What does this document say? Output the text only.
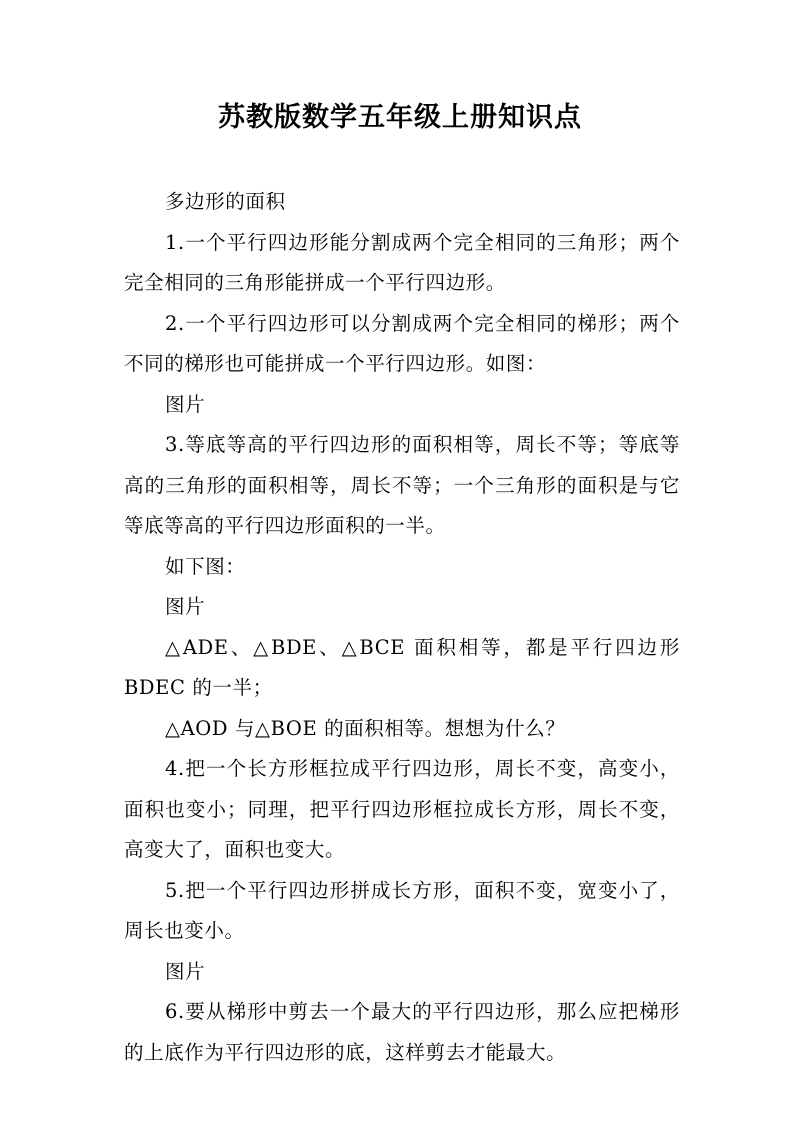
苏教版数学五年级上册知识点

多边形的面积

1.一个平行四边形能分割成两个完全相同的三角形；两个完全相同的三角形能拼成一个平行四边形。

2.一个平行四边形可以分割成两个完全相同的梯形；两个不同的梯形也可能拼成一个平行四边形。如图：

图片

3.等底等高的平行四边形的面积相等，周长不等；等底等高的三角形的面积相等，周长不等；一个三角形的面积是与它等底等高的平行四边形面积的一半。

如下图：

图片

△ADE、△BDE、△BCE 面积相等，都是平行四边形 BDEC 的一半；

△AOD 与△BOE 的面积相等。想想为什么？

4.把一个长方形框拉成平行四边形，周长不变，高变小，面积也变小；同理，把平行四边形框拉成长方形，周长不变，高变大了，面积也变大。

5.把一个平行四边形拼成长方形，面积不变，宽变小了，周长也变小。

图片

6.要从梯形中剪去一个最大的平行四边形，那么应把梯形的上底作为平行四边形的底，这样剪去才能最大。
